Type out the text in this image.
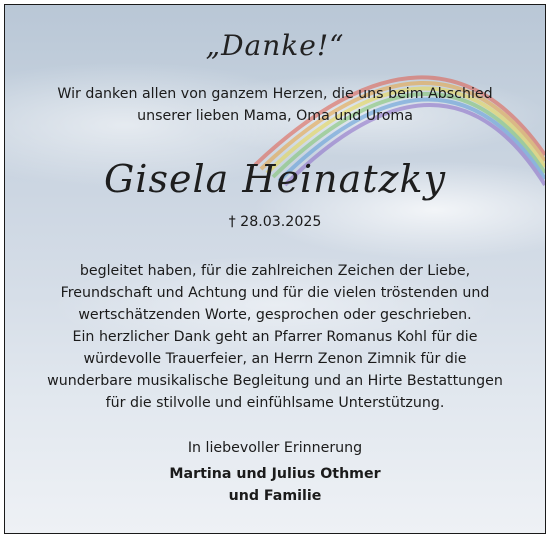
„Danke!“
Wir danken allen von ganzem Herzen, die uns beim Abschied
unserer lieben Mama, Oma und Uroma
Gisela Heinatzky
† 28.03.2025
begleitet haben, für die zahlreichen Zeichen der Liebe,
Freundschaft und Achtung und für die vielen tröstenden und
wertschätzenden Worte, gesprochen oder geschrieben.
Ein herzlicher Dank geht an Pfarrer Romanus Kohl für die
würdevolle Trauerfeier, an Herrn Zenon Zimnik für die
wunderbare musikalische Begleitung und an Hirte Bestattungen
für die stilvolle und einfühlsame Unterstützung.
In liebevoller Erinnerung
Martina und Julius Othmer
und Familie
